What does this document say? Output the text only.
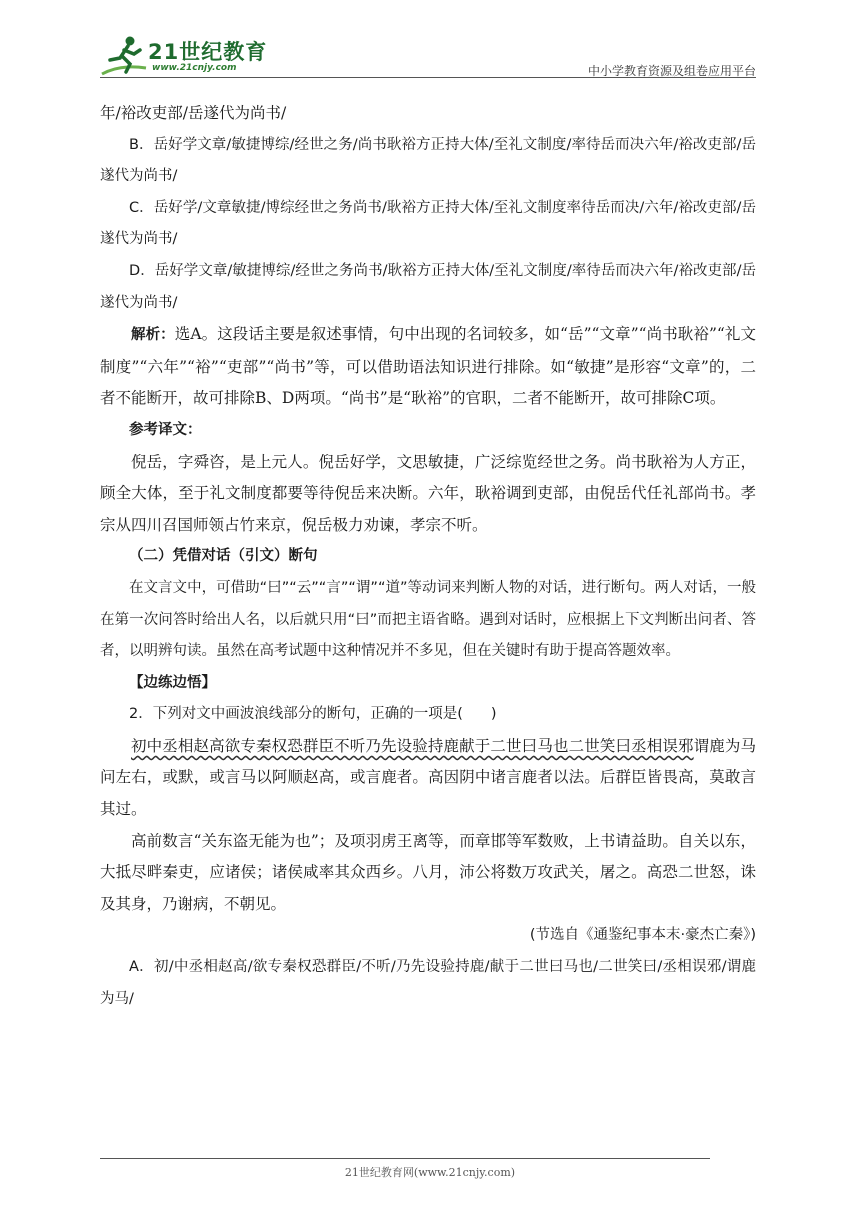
21世纪教育
www.21cnjy.com	中小学教育资源及组卷应用平台

年/裕改吏部/岳遂代为尚书/

B．岳好学文章/敏捷博综/经世之务/尚书耿裕方正持大体/至礼文制度/率待岳而决六年/裕改吏部/岳遂代为尚书/

C．岳好学/文章敏捷/博综经世之务尚书/耿裕方正持大体/至礼文制度率待岳而决/六年/裕改吏部/岳遂代为尚书/

D．岳好学文章/敏捷博综/经世之务尚书/耿裕方正持大体/至礼文制度/率待岳而决六年/裕改吏部/岳遂代为尚书/

解析：选A。这段话主要是叙述事情，句中出现的名词较多，如“岳”“文章”“尚书耿裕”“礼文制度”“六年”“裕”“吏部”“尚书”等，可以借助语法知识进行排除。如“敏捷”是形容“文章”的，二者不能断开，故可排除B、D两项。“尚书”是“耿裕”的官职，二者不能断开，故可排除C项。

参考译文：

倪岳，字舜咨，是上元人。倪岳好学，文思敏捷，广泛综览经世之务。尚书耿裕为人方正，顾全大体，至于礼文制度都要等待倪岳来决断。六年，耿裕调到吏部，由倪岳代任礼部尚书。孝宗从四川召国师领占竹来京，倪岳极力劝谏，孝宗不听。

（二）凭借对话（引文）断句

在文言文中，可借助“曰”“云”“言”“谓”“道”等动词来判断人物的对话，进行断句。两人对话，一般在第一次问答时给出人名，以后就只用“曰”而把主语省略。遇到对话时，应根据上下文判断出问者、答者，以明辨句读。虽然在高考试题中这种情况并不多见，但在关键时有助于提高答题效率。

【边练边悟】

2．下列对文中画波浪线部分的断句，正确的一项是( )

初中丞相赵高欲专秦权恐群臣不听乃先设验持鹿献于二世曰马也二世笑曰丞相误邪谓鹿为马问左右，或默，或言马以阿顺赵高，或言鹿者。高因阴中诸言鹿者以法。后群臣皆畏高，莫敢言其过。

高前数言“关东盗无能为也”；及项羽虏王离等，而章邯等军数败，上书请益助。自关以东，大抵尽畔秦吏，应诸侯；诸侯咸率其众西乡。八月，沛公将数万攻武关，屠之。高恐二世怒，诛及其身，乃谢病，不朝见。

(节选自《通鉴纪事本末·豪杰亡秦》)

A．初/中丞相赵高/欲专秦权恐群臣/不听/乃先设验持鹿/献于二世曰马也/二世笑曰/丞相误邪/谓鹿为马/

21世纪教育网(www.21cnjy.com)
